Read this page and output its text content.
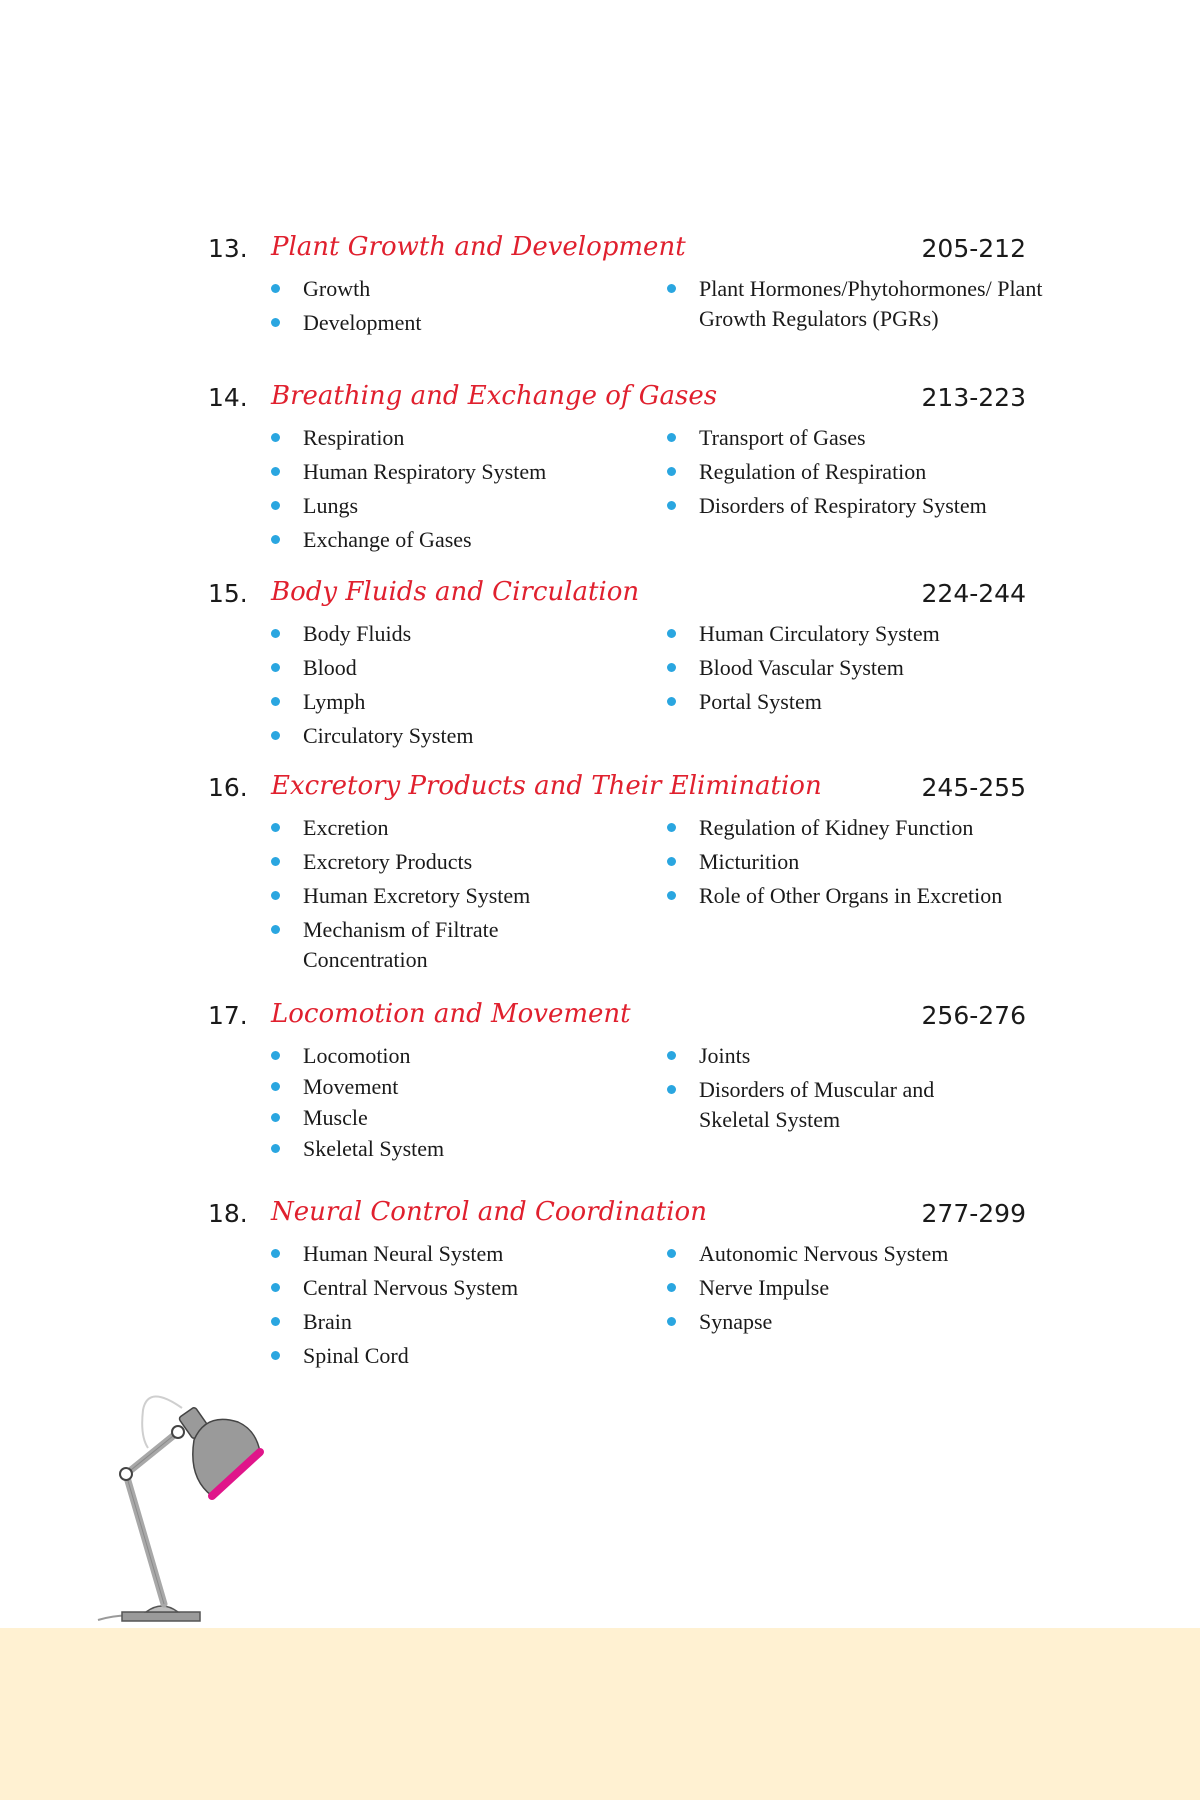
13. Plant Growth and Development	205-212
Growth
Development
Plant Hormones/Phytohormones/ Plant Growth Regulators (PGRs)
14. Breathing and Exchange of Gases	213-223
Respiration
Human Respiratory System
Lungs
Exchange of Gases
Transport of Gases
Regulation of Respiration
Disorders of Respiratory System
15. Body Fluids and Circulation	224-244
Body Fluids
Blood
Lymph
Circulatory System
Human Circulatory System
Blood Vascular System
Portal System
16. Excretory Products and Their Elimination	245-255
Excretion
Excretory Products
Human Excretory System
Mechanism of Filtrate Concentration
Regulation of Kidney Function
Micturition
Role of Other Organs in Excretion
17. Locomotion and Movement	256-276
Locomotion
Movement
Muscle
Skeletal System
Joints
Disorders of Muscular and Skeletal System
18. Neural Control and Coordination	277-299
Human Neural System
Central Nervous System
Brain
Spinal Cord
Autonomic Nervous System
Nerve Impulse
Synapse
